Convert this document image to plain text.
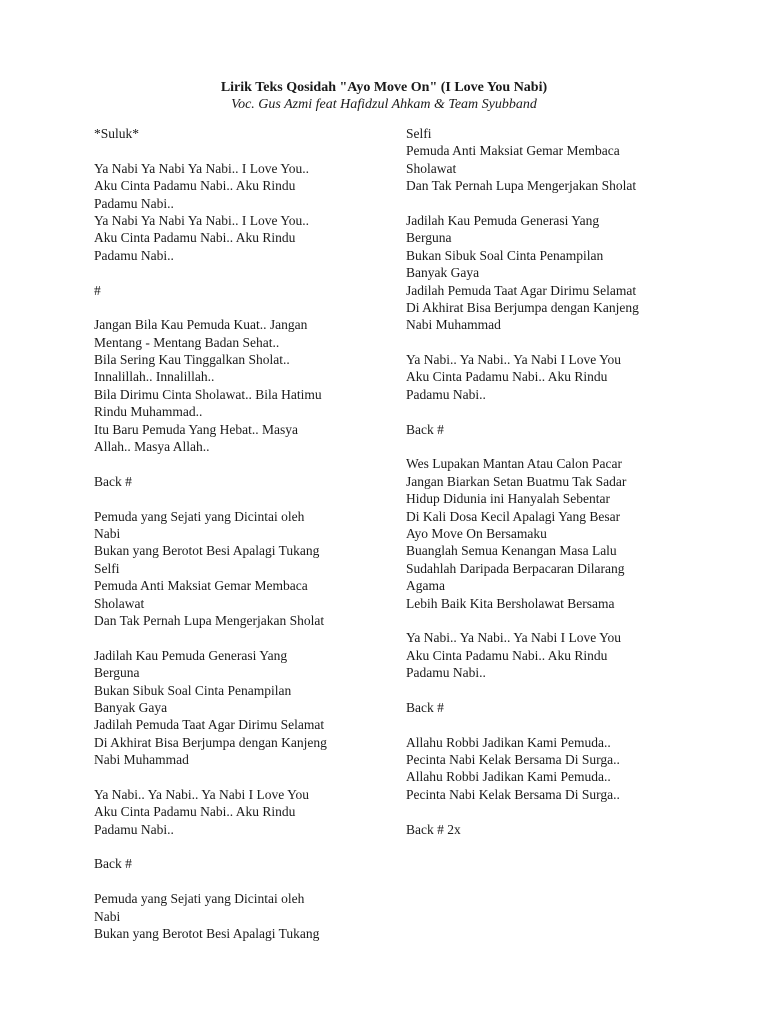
Lirik Teks Qosidah "Ayo Move On" (I Love You Nabi)

Voc. Gus Azmi feat Hafidzul Ahkam & Team Syubband

*Suluk*
Ya Nabi Ya Nabi Ya Nabi.. I Love You..
Aku Cinta Padamu Nabi.. Aku Rindu
Padamu Nabi..
Ya Nabi Ya Nabi Ya Nabi.. I Love You..
Aku Cinta Padamu Nabi.. Aku Rindu
Padamu Nabi..
#
Jangan Bila Kau Pemuda Kuat.. Jangan
Mentang - Mentang Badan Sehat..
Bila Sering Kau Tinggalkan Sholat..
Innalillah.. Innalillah..
Bila Dirimu Cinta Sholawat.. Bila Hatimu
Rindu Muhammad..
Itu Baru Pemuda Yang Hebat.. Masya
Allah.. Masya Allah..
Back #
Pemuda yang Sejati yang Dicintai oleh
Nabi
Bukan yang Berotot Besi Apalagi Tukang
Selfi
Pemuda Anti Maksiat Gemar Membaca
Sholawat
Dan Tak Pernah Lupa Mengerjakan Sholat
Jadilah Kau Pemuda Generasi Yang
Berguna
Bukan Sibuk Soal Cinta Penampilan
Banyak Gaya
Jadilah Pemuda Taat Agar Dirimu Selamat
Di Akhirat Bisa Berjumpa dengan Kanjeng
Nabi Muhammad
Ya Nabi.. Ya Nabi.. Ya Nabi I Love You
Aku Cinta Padamu Nabi.. Aku Rindu
Padamu Nabi..
Back #
Pemuda yang Sejati yang Dicintai oleh
Nabi
Bukan yang Berotot Besi Apalagi Tukang
Selfi
Pemuda Anti Maksiat Gemar Membaca
Sholawat
Dan Tak Pernah Lupa Mengerjakan Sholat
Jadilah Kau Pemuda Generasi Yang
Berguna
Bukan Sibuk Soal Cinta Penampilan
Banyak Gaya
Jadilah Pemuda Taat Agar Dirimu Selamat
Di Akhirat Bisa Berjumpa dengan Kanjeng
Nabi Muhammad
Ya Nabi.. Ya Nabi.. Ya Nabi I Love You
Aku Cinta Padamu Nabi.. Aku Rindu
Padamu Nabi..
Back #
Wes Lupakan Mantan Atau Calon Pacar
Jangan Biarkan Setan Buatmu Tak Sadar
Hidup Didunia ini Hanyalah Sebentar
Di Kali Dosa Kecil Apalagi Yang Besar
Ayo Move On Bersamaku
Buanglah Semua Kenangan Masa Lalu
Sudahlah Daripada Berpacaran Dilarang
Agama
Lebih Baik Kita Bersholawat Bersama
Ya Nabi.. Ya Nabi.. Ya Nabi I Love You
Aku Cinta Padamu Nabi.. Aku Rindu
Padamu Nabi..
Back #
Allahu Robbi Jadikan Kami Pemuda..
Pecinta Nabi Kelak Bersama Di Surga..
Allahu Robbi Jadikan Kami Pemuda..
Pecinta Nabi Kelak Bersama Di Surga..
Back # 2x
